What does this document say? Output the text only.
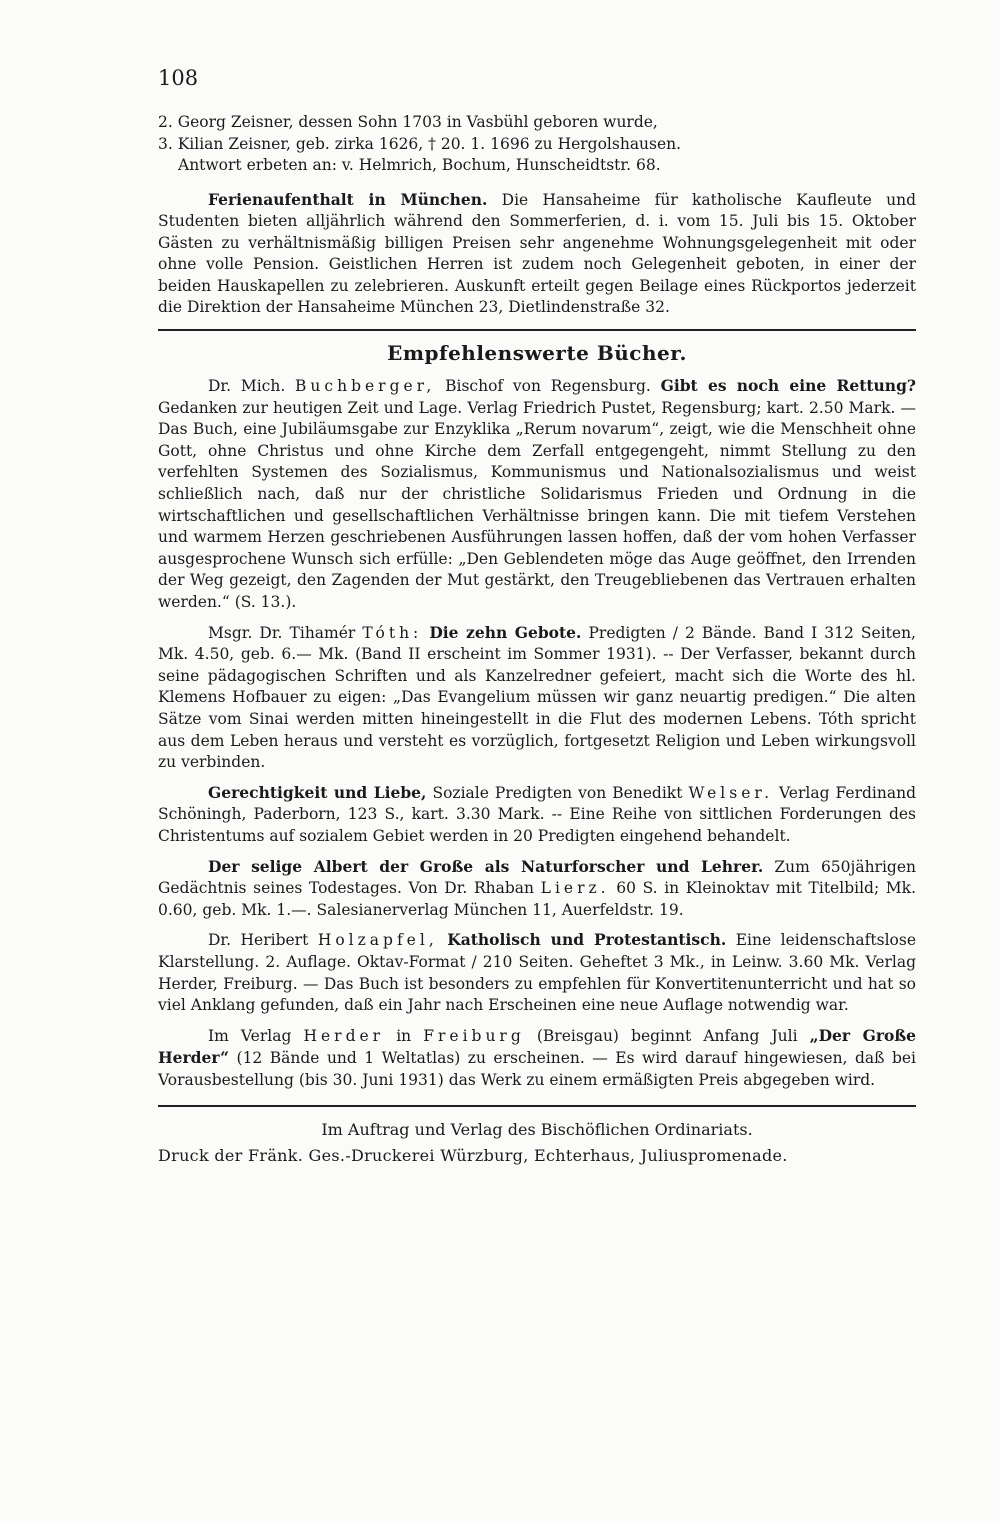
108
2. Georg Zeisner, dessen Sohn 1703 in Vasbühl geboren wurde,
3. Kilian Zeisner, geb. zirka 1626, † 20. 1. 1696 zu Hergolshausen.
Antwort erbeten an: v. Helmrich, Bochum, Hunscheidtstr. 68.
Ferienaufenthalt in München. Die Hansaheime für katholische Kaufleute und Studenten bieten alljährlich während den Sommerferien, d. i. vom 15. Juli bis 15. Oktober Gästen zu verhältnismäßig billigen Preisen sehr angenehme Wohnungsgelegenheit mit oder ohne volle Pension. Geistlichen Herren ist zudem noch Gelegenheit geboten, in einer der beiden Hauskapellen zu zelebrieren. Auskunft erteilt gegen Beilage eines Rückportos jederzeit die Direktion der Hansaheime München 23, Dietlindenstraße 32.
Empfehlenswerte Bücher.
Dr. Mich. Buchberger, Bischof von Regensburg. Gibt es noch eine Rettung? Gedanken zur heutigen Zeit und Lage. Verlag Friedrich Pustet, Regensburg; kart. 2.50 Mark. — Das Buch, eine Jubiläumsgabe zur Enzyklika „Rerum novarum“, zeigt, wie die Menschheit ohne Gott, ohne Christus und ohne Kirche dem Zerfall entgegengeht, nimmt Stellung zu den verfehlten Systemen des Sozialismus, Kommunismus und Nationalsozialismus und weist schließlich nach, daß nur der christliche Solidarismus Frieden und Ordnung in die wirtschaftlichen und gesellschaftlichen Verhältnisse bringen kann. Die mit tiefem Verstehen und warmem Herzen geschriebenen Ausführungen lassen hoffen, daß der vom hohen Verfasser ausgesprochene Wunsch sich erfülle: „Den Geblendeten möge das Auge geöffnet, den Irrenden der Weg gezeigt, den Zagenden der Mut gestärkt, den Treugebliebenen das Vertrauen erhalten werden.“ (S. 13.).
Msgr. Dr. Tihamér Tóth: Die zehn Gebote. Predigten / 2 Bände. Band I 312 Seiten, Mk. 4.50, geb. 6.— Mk. (Band II erscheint im Sommer 1931). -- Der Verfasser, bekannt durch seine pädagogischen Schriften und als Kanzelredner gefeiert, macht sich die Worte des hl. Klemens Hofbauer zu eigen: „Das Evangelium müssen wir ganz neuartig predigen.“ Die alten Sätze vom Sinai werden mitten hineingestellt in die Flut des modernen Lebens. Tóth spricht aus dem Leben heraus und versteht es vorzüglich, fortgesetzt Religion und Leben wirkungsvoll zu verbinden.
Gerechtigkeit und Liebe, Soziale Predigten von Benedikt Welser. Verlag Ferdinand Schöningh, Paderborn, 123 S., kart. 3.30 Mark. -- Eine Reihe von sittlichen Forderungen des Christentums auf sozialem Gebiet werden in 20 Predigten eingehend behandelt.
Der selige Albert der Große als Naturforscher und Lehrer. Zum 650jährigen Gedächtnis seines Todestages. Von Dr. Rhaban Lierz. 60 S. in Kleinoktav mit Titelbild; Mk. 0.60, geb. Mk. 1.—. Salesianerverlag München 11, Auerfeldstr. 19.
Dr. Heribert Holzapfel, Katholisch und Protestantisch. Eine leidenschaftslose Klarstellung. 2. Auflage. Oktav-Format / 210 Seiten. Geheftet 3 Mk., in Leinw. 3.60 Mk. Verlag Herder, Freiburg. — Das Buch ist besonders zu empfehlen für Konvertitenunterricht und hat so viel Anklang gefunden, daß ein Jahr nach Erscheinen eine neue Auflage notwendig war.
Im Verlag Herder in Freiburg (Breisgau) beginnt Anfang Juli „Der Große Herder“ (12 Bände und 1 Weltatlas) zu erscheinen. — Es wird darauf hingewiesen, daß bei Vorausbestellung (bis 30. Juni 1931) das Werk zu einem ermäßigten Preis abgegeben wird.
Im Auftrag und Verlag des Bischöflichen Ordinariats.
Druck der Fränk. Ges.-Druckerei Würzburg, Echterhaus, Juliuspromenade.
